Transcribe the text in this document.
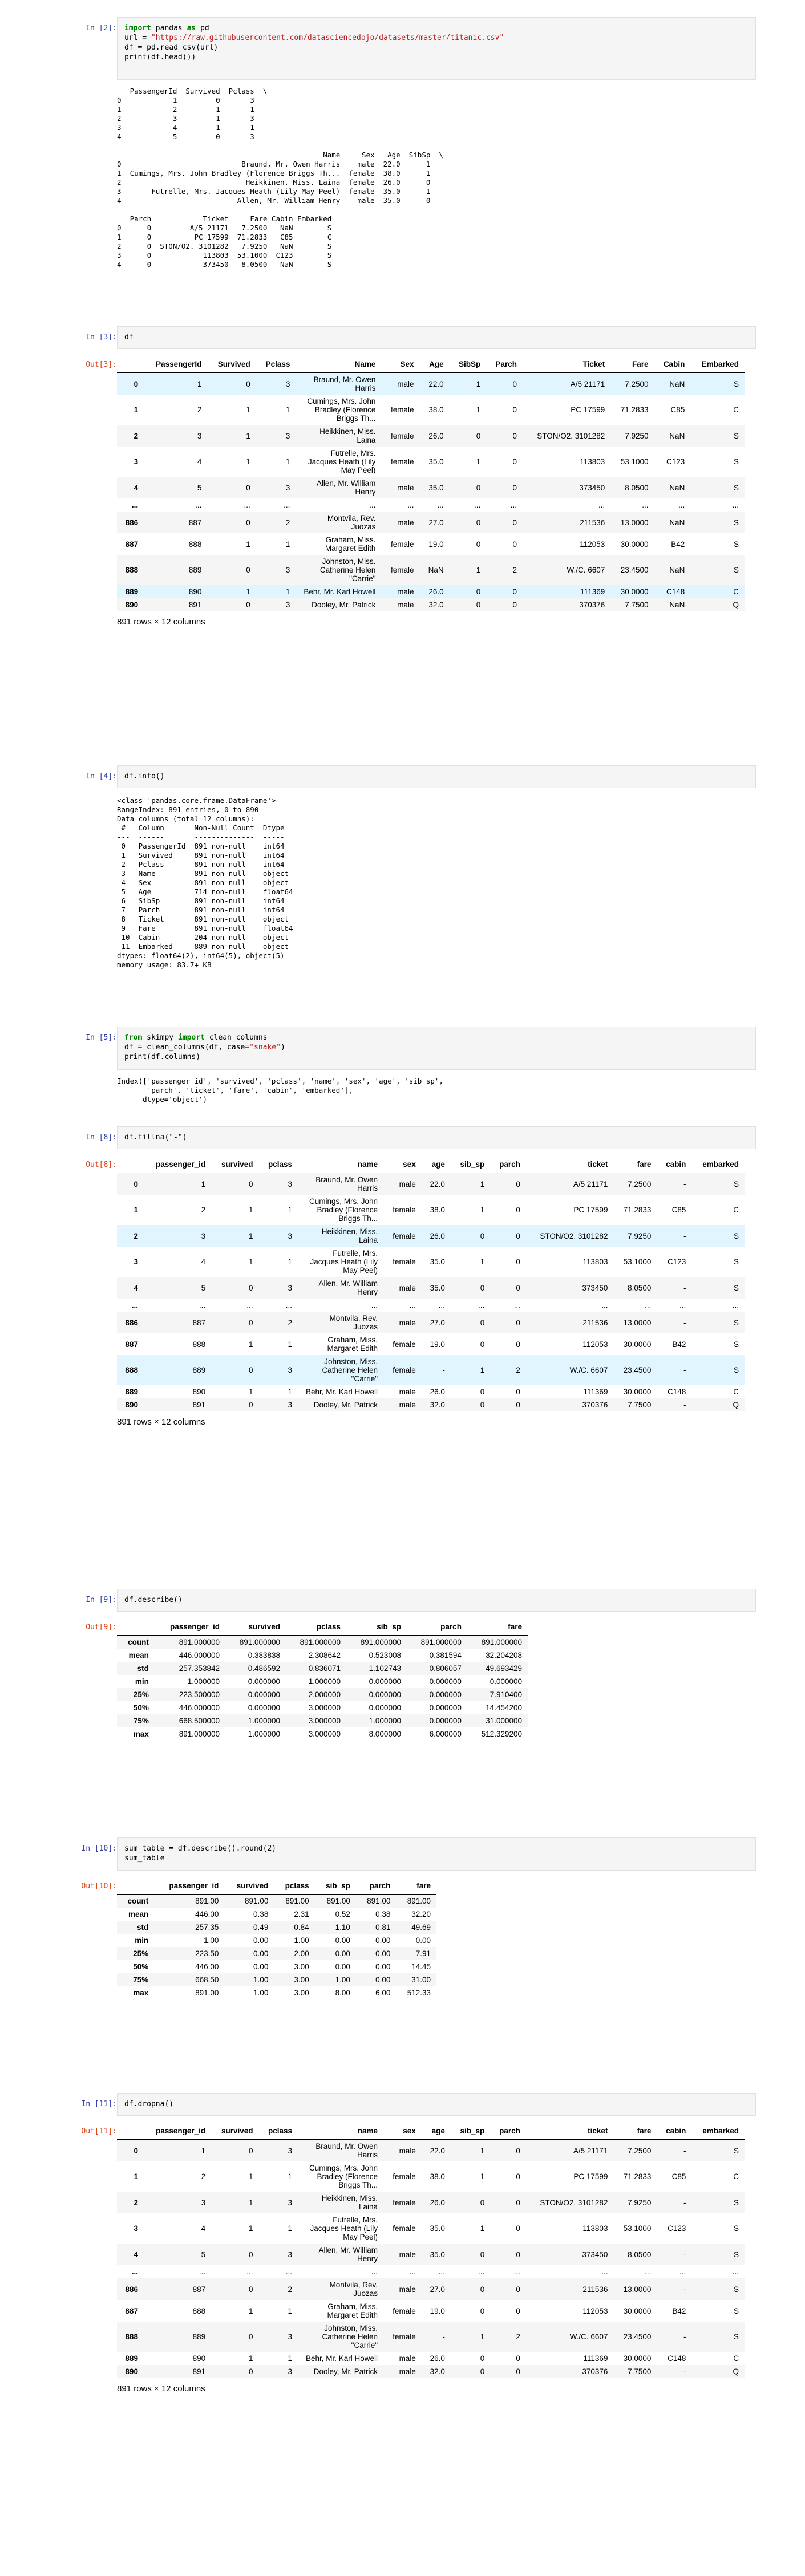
In [2]:	import pandas as pd
url = "https://raw.githubusercontent.com/datasciencedojo/datasets/master/titanic.csv"
df = pd.read_csv(url)
print(df.head())
PassengerId  Survived  Pclass  \
0            1         0       3
1            2         1       1
2            3         1       3
3            4         1       1
4            5         0       3

Name     Sex   Age  SibSp  \
0                            Braund, Mr. Owen Harris    male  22.0      1
1  Cumings, Mrs. John Bradley (Florence Briggs Th...  female  38.0      1
2                             Heikkinen, Miss. Laina  female  26.0      0
3       Futrelle, Mrs. Jacques Heath (Lily May Peel)  female  35.0      1
4                           Allen, Mr. William Henry    male  35.0      0

Parch            Ticket     Fare Cabin Embarked
0      0         A/5 21171   7.2500   NaN        S
1      0          PC 17599  71.2833   C85        C
2      0  STON/O2. 3101282   7.9250   NaN        S
3      0            113803  53.1000  C123        S
4      0            373450   8.0500   NaN        S
In [3]:	df
Out[3]:
		PassengerId	Survived	Pclass	Name	Sex	Age	SibSp	Parch	Ticket	Fare	Cabin	Embarked
0	1	0	3	Braund, Mr. Owen Harris	male	22.0	1	0	A/5 21171	7.2500	NaN	S
1	2	1	1	Cumings, Mrs. John Bradley (Florence Briggs Th...	female	38.0	1	0	PC 17599	71.2833	C85	C
2	3	1	3	Heikkinen, Miss. Laina	female	26.0	0	0	STON/O2. 3101282	7.9250	NaN	S
3	4	1	1	Futrelle, Mrs. Jacques Heath (Lily May Peel)	female	35.0	1	0	113803	53.1000	C123	S
4	5	0	3	Allen, Mr. William Henry	male	35.0	0	0	373450	8.0500	NaN	S
...	...	...	...	...	...	...	...	...	...	...	...	...
886	887	0	2	Montvila, Rev. Juozas	male	27.0	0	0	211536	13.0000	NaN	S
887	888	1	1	Graham, Miss. Margaret Edith	female	19.0	0	0	112053	30.0000	B42	S
888	889	0	3	Johnston, Miss. Catherine Helen "Carrie"	female	NaN	1	2	W./C. 6607	23.4500	NaN	S
889	890	1	1	Behr, Mr. Karl Howell	male	26.0	0	0	111369	30.0000	C148	C
890	891	0	3	Dooley, Mr. Patrick	male	32.0	0	0	370376	7.7500	NaN	Q
891 rows × 12 columns
In [4]:	df.info()
<class 'pandas.core.frame.DataFrame'>
RangeIndex: 891 entries, 0 to 890
Data columns (total 12 columns):
#   Column       Non-Null Count  Dtype
---  ------       --------------  -----
0   PassengerId  891 non-null    int64
1   Survived     891 non-null    int64
2   Pclass       891 non-null    int64
3   Name         891 non-null    object
4   Sex          891 non-null    object
5   Age          714 non-null    float64
6   SibSp        891 non-null    int64
7   Parch        891 non-null    int64
8   Ticket       891 non-null    object
9   Fare         891 non-null    float64
10  Cabin        204 non-null    object
11  Embarked     889 non-null    object
dtypes: float64(2), int64(5), object(5)
memory usage: 83.7+ KB
In [5]:	from skimpy import clean_columns
df = clean_columns(df, case="snake")
print(df.columns)
Index(['passenger_id', 'survived', 'pclass', 'name', 'sex', 'age', 'sib_sp',
'parch', 'ticket', 'fare', 'cabin', 'embarked'],
dtype='object')
In [8]:	df.fillna("-")
Out[8]:
		passenger_id	survived	pclass	name	sex	age	sib_sp	parch	ticket	fare	cabin	embarked
0	1	0	3	Braund, Mr. Owen Harris	male	22.0	1	0	A/5 21171	7.2500	-	S
1	2	1	1	Cumings, Mrs. John Bradley (Florence Briggs Th...	female	38.0	1	0	PC 17599	71.2833	C85	C
2	3	1	3	Heikkinen, Miss. Laina	female	26.0	0	0	STON/O2. 3101282	7.9250	-	S
3	4	1	1	Futrelle, Mrs. Jacques Heath (Lily May Peel)	female	35.0	1	0	113803	53.1000	C123	S
4	5	0	3	Allen, Mr. William Henry	male	35.0	0	0	373450	8.0500	-	S
...	...	...	...	...	...	...	...	...	...	...	...	...
886	887	0	2	Montvila, Rev. Juozas	male	27.0	0	0	211536	13.0000	-	S
887	888	1	1	Graham, Miss. Margaret Edith	female	19.0	0	0	112053	30.0000	B42	S
888	889	0	3	Johnston, Miss. Catherine Helen "Carrie"	female	-	1	2	W./C. 6607	23.4500	-	S
889	890	1	1	Behr, Mr. Karl Howell	male	26.0	0	0	111369	30.0000	C148	C
890	891	0	3	Dooley, Mr. Patrick	male	32.0	0	0	370376	7.7500	-	Q
891 rows × 12 columns
In [9]:	df.describe()
Out[9]:
		passenger_id	survived	pclass	sib_sp	parch	fare
count	891.000000	891.000000	891.000000	891.000000	891.000000	891.000000
mean	446.000000	0.383838	2.308642	0.523008	0.381594	32.204208
std	257.353842	0.486592	0.836071	1.102743	0.806057	49.693429
min	1.000000	0.000000	1.000000	0.000000	0.000000	0.000000
25%	223.500000	0.000000	2.000000	0.000000	0.000000	7.910400
50%	446.000000	0.000000	3.000000	0.000000	0.000000	14.454200
75%	668.500000	1.000000	3.000000	1.000000	0.000000	31.000000
max	891.000000	1.000000	3.000000	8.000000	6.000000	512.329200
In [10]:	sum_table = df.describe().round(2)
sum_table
Out[10]:
		passenger_id	survived	pclass	sib_sp	parch	fare
count	891.00	891.00	891.00	891.00	891.00	891.00
mean	446.00	0.38	2.31	0.52	0.38	32.20
std	257.35	0.49	0.84	1.10	0.81	49.69
min	1.00	0.00	1.00	0.00	0.00	0.00
25%	223.50	0.00	2.00	0.00	0.00	7.91
50%	446.00	0.00	3.00	0.00	0.00	14.45
75%	668.50	1.00	3.00	1.00	0.00	31.00
max	891.00	1.00	3.00	8.00	6.00	512.33
In [11]:	df.dropna()
Out[11]:
		passenger_id	survived	pclass	name	sex	age	sib_sp	parch	ticket	fare	cabin	embarked
0	1	0	3	Braund, Mr. Owen Harris	male	22.0	1	0	A/5 21171	7.2500	-	S
1	2	1	1	Cumings, Mrs. John Bradley (Florence Briggs Th...	female	38.0	1	0	PC 17599	71.2833	C85	C
2	3	1	3	Heikkinen, Miss. Laina	female	26.0	0	0	STON/O2. 3101282	7.9250	-	S
3	4	1	1	Futrelle, Mrs. Jacques Heath (Lily May Peel)	female	35.0	1	0	113803	53.1000	C123	S
4	5	0	3	Allen, Mr. William Henry	male	35.0	0	0	373450	8.0500	-	S
...	...	...	...	...	...	...	...	...	...	...	...	...
886	887	0	2	Montvila, Rev. Juozas	male	27.0	0	0	211536	13.0000	-	S
887	888	1	1	Graham, Miss. Margaret Edith	female	19.0	0	0	112053	30.0000	B42	S
888	889	0	3	Johnston, Miss. Catherine Helen "Carrie"	female	-	1	2	W./C. 6607	23.4500	-	S
889	890	1	1	Behr, Mr. Karl Howell	male	26.0	0	0	111369	30.0000	C148	C
890	891	0	3	Dooley, Mr. Patrick	male	32.0	0	0	370376	7.7500	-	Q
891 rows × 12 columns
